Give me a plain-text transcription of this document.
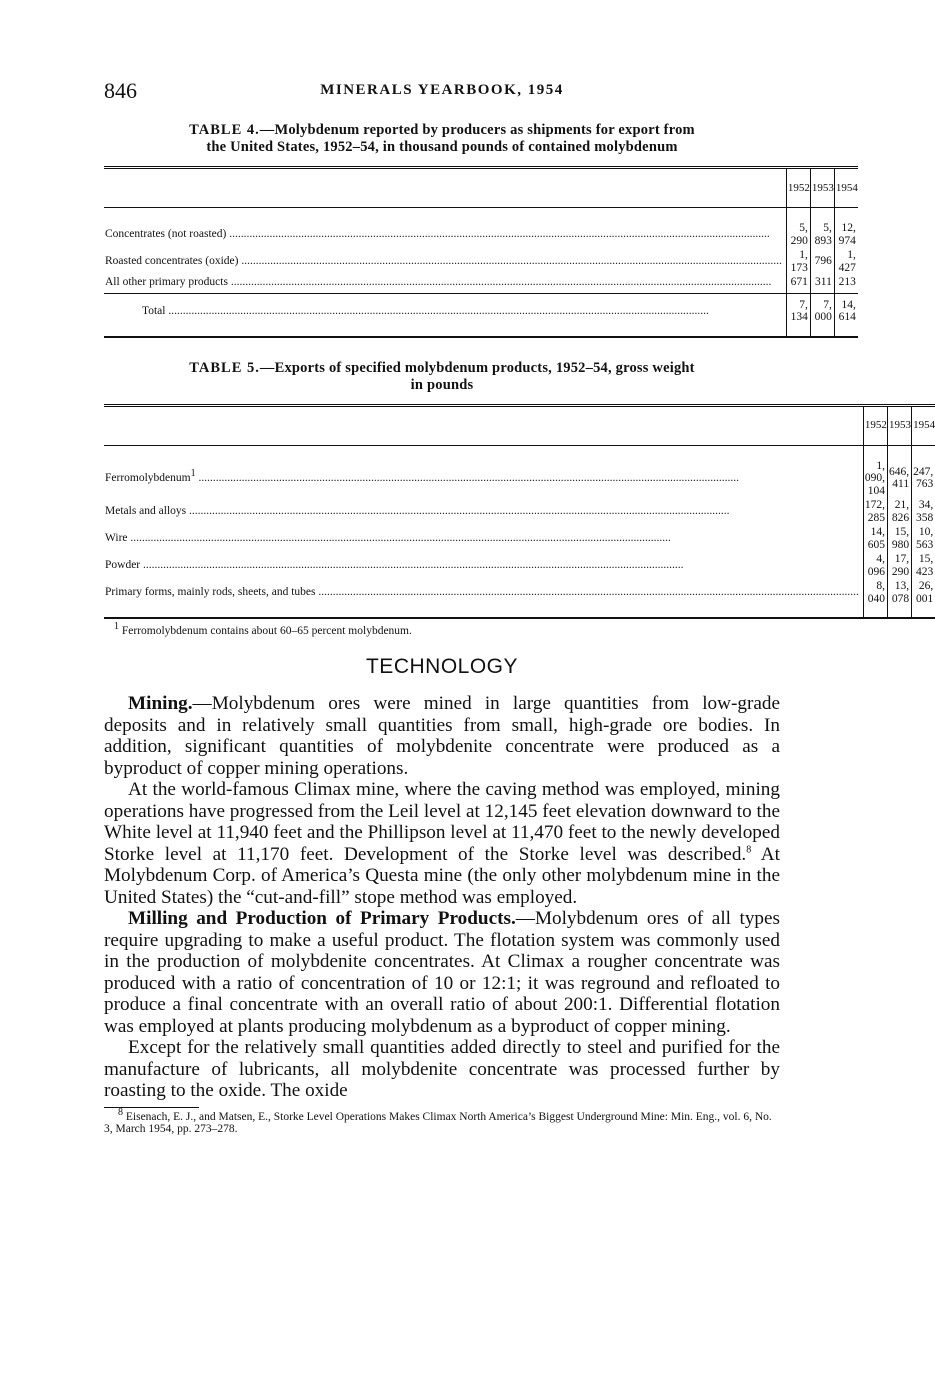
846	MINERALS YEARBOOK, 1954
TABLE 4.—Molybdenum reported by producers as shipments for export from
the United States, 1952–54, in thousand pounds of contained molybdenum

	1952	1953	1954
Concentrates (not roasted) .....	5, 290	5, 893	12, 974
Roasted concentrates (oxide) .....	1, 173	796	1, 427
All other primary products .....	671	311	213
Total .....	7, 134	7, 000	14, 614

TABLE 5.—Exports of specified molybdenum products, 1952–54, gross weight
in pounds

	1952	1953	1954
Ferromolybdenum$^1$ .....	1, 090, 104	646, 411	247, 763
Metals and alloys .....	172, 285	21, 826	34, 358
Wire .....	14, 605	15, 980	10, 563
Powder .....	4, 096	17, 290	15, 423
Primary forms, mainly rods, sheets, and tubes .....	8, 040	13, 078	26, 001

$^1$ Ferromolybdenum contains about 60–65 percent molybdenum.
TECHNOLOGY

Mining.—Molybdenum ores were mined in large quantities from low-grade deposits and in relatively small quantities from small, high-grade ore bodies. In addition, significant quantities of molybdenite concentrate were produced as a byproduct of copper mining operations.

At the world-famous Climax mine, where the caving method was employed, mining operations have progressed from the Leil level at 12,145 feet elevation downward to the White level at 11,940 feet and the Phillipson level at 11,470 feet to the newly developed Storke level at 11,170 feet. Development of the Storke level was described.$^8$ At Molybdenum Corp. of America’s Questa mine (the only other molybdenum mine in the United States) the “cut-and-fill” stope method was employed.

Milling and Production of Primary Products.—Molybdenum ores of all types require upgrading to make a useful product. The flotation system was commonly used in the production of molybdenite concentrates. At Climax a rougher concentrate was produced with a ratio of concentration of 10 or 12:1; it was reground and refloated to produce a final concentrate with an overall ratio of about 200:1. Differential flotation was employed at plants producing molybdenum as a byproduct of copper mining.

Except for the relatively small quantities added directly to steel and purified for the manufacture of lubricants, all molybdenite concentrate was processed further by roasting to the oxide. The oxide

$^8$ Eisenach, E. J., and Matsen, E., Storke Level Operations Makes Climax North America’s Biggest Underground Mine: Min. Eng., vol. 6, No. 3, March 1954, pp. 273–278.
